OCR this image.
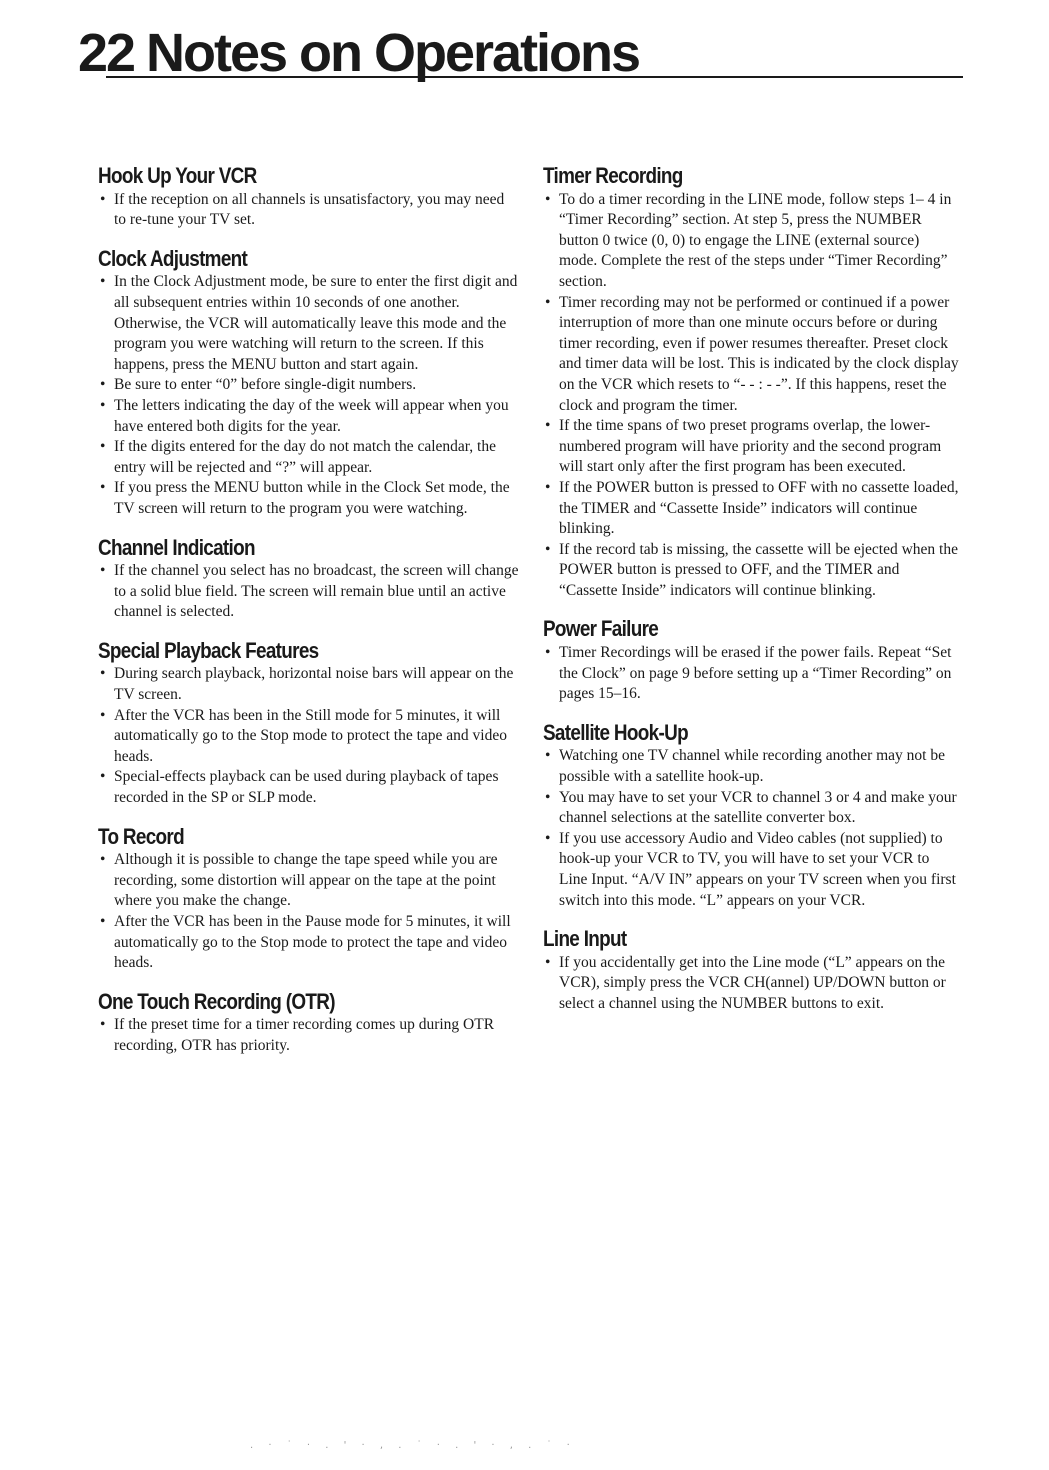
22 Notes on Operations
Hook Up Your VCR
• If the reception on all channels is unsatisfactory, you may need to re-tune your TV set.
Clock Adjustment
• In the Clock Adjustment mode, be sure to enter the first digit and all subsequent entries within 10 seconds of one another. Otherwise, the VCR will automatically leave this mode and the program you were watching will return to the screen. If this happens, press the MENU button and start again.
• Be sure to enter “0” before single-digit numbers.
• The letters indicating the day of the week will appear when you have entered both digits for the year.
• If the digits entered for the day do not match the calendar, the entry will be rejected and “?” will appear.
• If you press the MENU button while in the Clock Set mode, the TV screen will return to the program you were watching.
Channel Indication
• If the channel you select has no broadcast, the screen will change to a solid blue field. The screen will remain blue until an active channel is selected.
Special Playback Features
• During search playback, horizontal noise bars will appear on the TV screen.
• After the VCR has been in the Still mode for 5 minutes, it will automatically go to the Stop mode to protect the tape and video heads.
• Special-effects playback can be used during playback of tapes recorded in the SP or SLP mode.
To Record
• Although it is possible to change the tape speed while you are recording, some distortion will appear on the tape at the point where you make the change.
• After the VCR has been in the Pause mode for 5 minutes, it will automatically go to the Stop mode to protect the tape and video heads.
One Touch Recording (OTR)
• If the preset time for a timer recording comes up during OTR recording, OTR has priority.
Timer Recording
• To do a timer recording in the LINE mode, follow steps 1– 4 in “Timer Recording” section. At step 5, press the NUMBER button 0 twice (0, 0) to engage the LINE (external source) mode. Complete the rest of the steps under “Timer Recording” section.
• Timer recording may not be performed or continued if a power interruption of more than one minute occurs before or during timer recording, even if power resumes thereafter. Preset clock and timer data will be lost. This is indicated by the clock display on the VCR which resets to “- - : - -”. If this happens, reset the clock and program the timer.
• If the time spans of two preset programs overlap, the lower-numbered program will have priority and the second program will start only after the first program has been executed.
• If the POWER button is pressed to OFF with no cassette loaded, the TIMER and “Cassette Inside” indicators will continue blinking.
• If the record tab is missing, the cassette will be ejected when the POWER button is pressed to OFF, and the TIMER and “Cassette Inside” indicators will continue blinking.
Power Failure
• Timer Recordings will be erased if the power fails. Repeat “Set the Clock” on page 9 before setting up a “Timer Recording” on pages 15–16.
Satellite Hook-Up
• Watching one TV channel while recording another may not be possible with a satellite hook-up.
• You may have to set your VCR to channel 3 or 4 and make your channel selections at the satellite converter box.
• If you use accessory Audio and Video cables (not supplied) to hook-up your VCR to TV, you will have to set your VCR to Line Input. “A/V IN” appears on your TV screen when you first switch into this mode. “L” appears on your VCR.
Line Input
• If you accidentally get into the Line mode (“L” appears on the VCR), simply press the VCR CH(annel) UP/DOWN button or select a channel using the NUMBER buttons to exit.
. · ˙ · . ' · , . ˙ · . ' · , . ˙ ·
